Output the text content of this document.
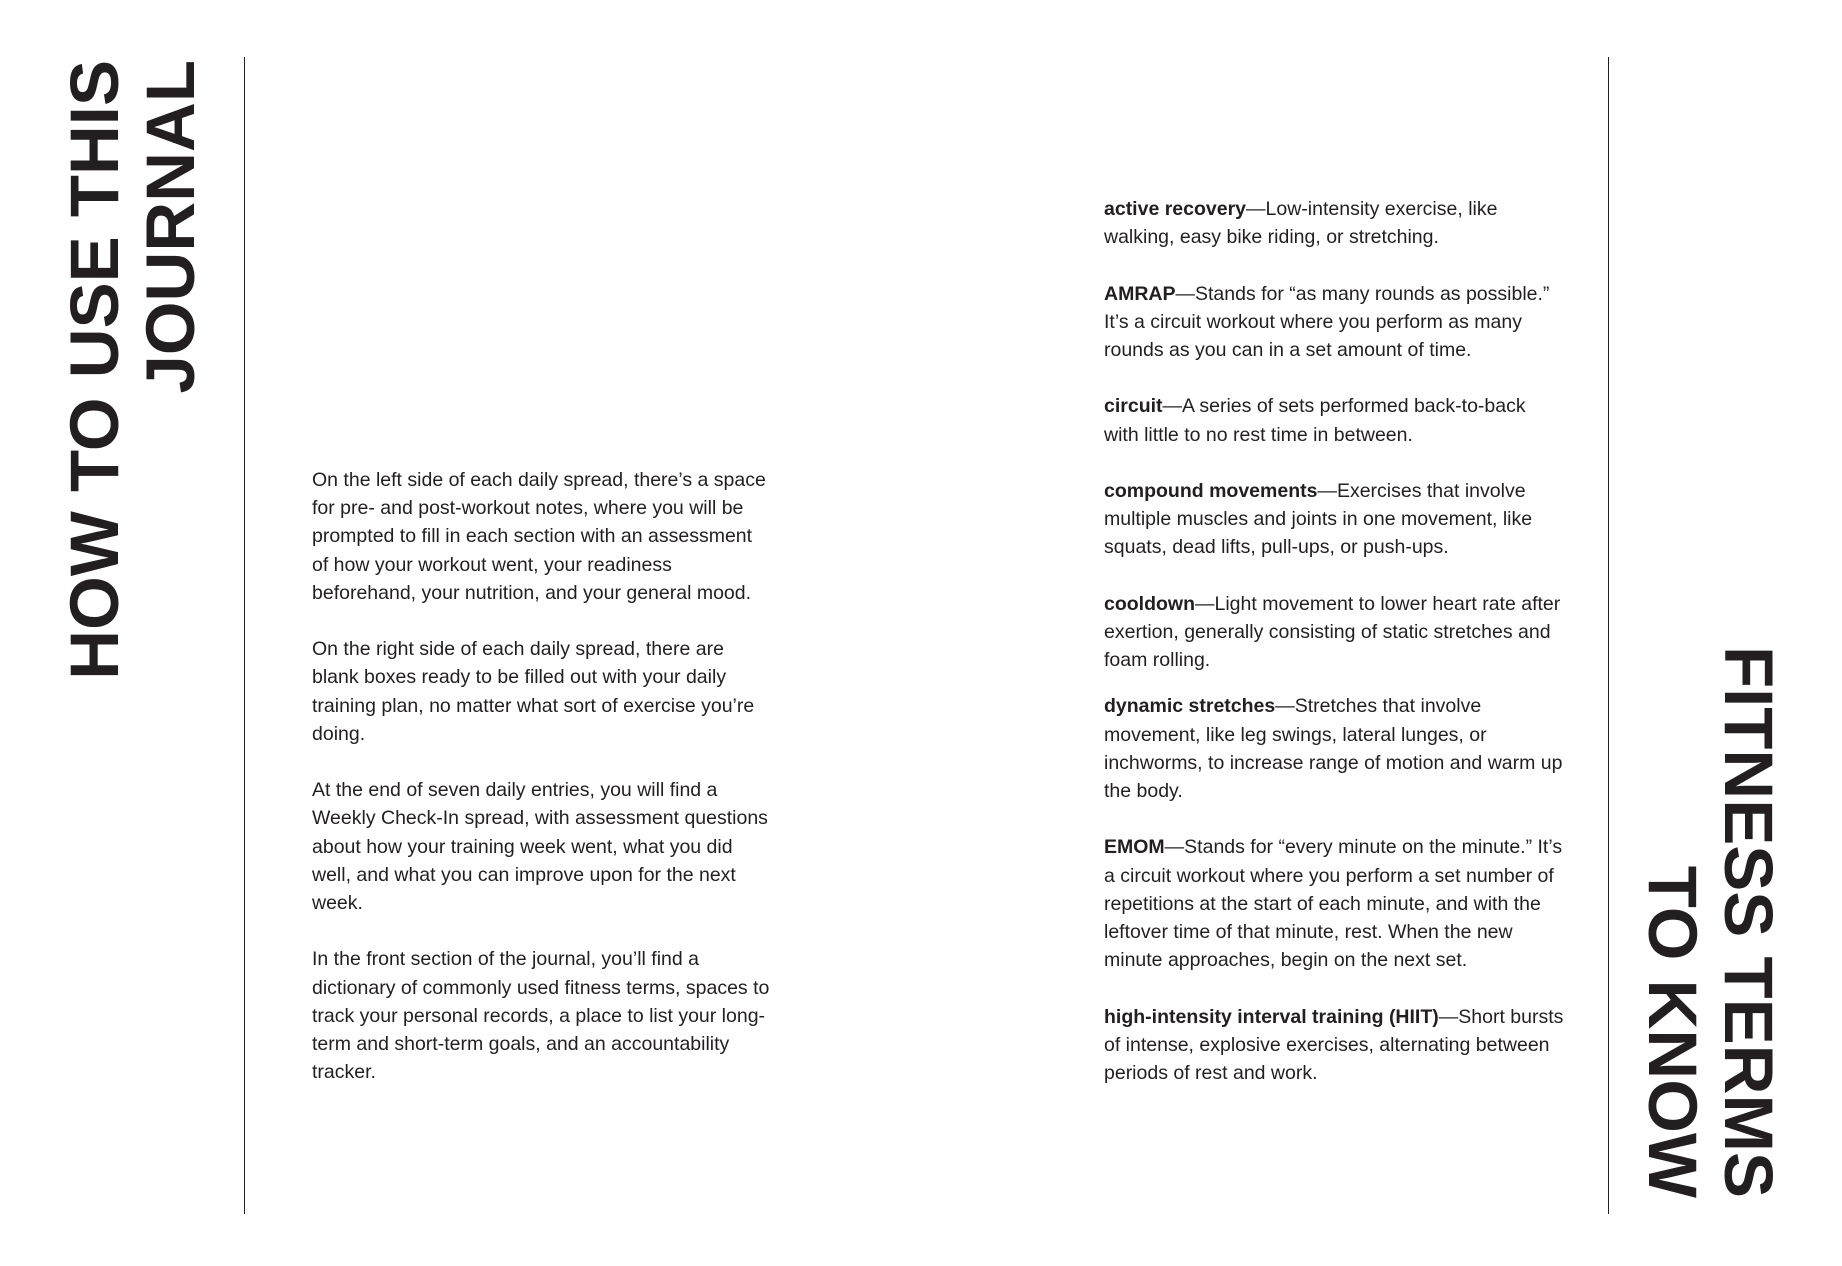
HOW TO USE THIS JOURNAL

On the left side of each daily spread, there’s a space for pre- and post-workout notes, where you will be prompted to fill in each section with an assessment of how your workout went, your readiness beforehand, your nutrition, and your general mood.

On the right side of each daily spread, there are blank boxes ready to be filled out with your daily training plan, no matter what sort of exercise you’re doing.

At the end of seven daily entries, you will find a Weekly Check-In spread, with assessment questions about how your training week went, what you did well, and what you can improve upon for the next week.

In the front section of the journal, you’ll find a dictionary of commonly used fitness terms, spaces to track your personal records, a place to list your long-term and short-term goals, and an accountability tracker.

active recovery—Low-intensity exercise, like walking, easy bike riding, or stretching.
AMRAP—Stands for “as many rounds as possible.” It’s a circuit workout where you perform as many rounds as you can in a set amount of time.
circuit—A series of sets performed back-to-back with little to no rest time in between.
compound movements—Exercises that involve multiple muscles and joints in one movement, like squats, dead lifts, pull-ups, or push-ups.
cooldown—Light movement to lower heart rate after exertion, generally consisting of static stretches and foam rolling.
dynamic stretches—Stretches that involve movement, like leg swings, lateral lunges, or inchworms, to increase range of motion and warm up the body.
EMOM—Stands for “every minute on the minute.” It’s a circuit workout where you perform a set number of repetitions at the start of each minute, and with the leftover time of that minute, rest. When the new minute approaches, begin on the next set.
high-intensity interval training (HIIT)—Short bursts of intense, explosive exercises, alternating between periods of rest and work.	FITNESS TERMS
TO KNOW
